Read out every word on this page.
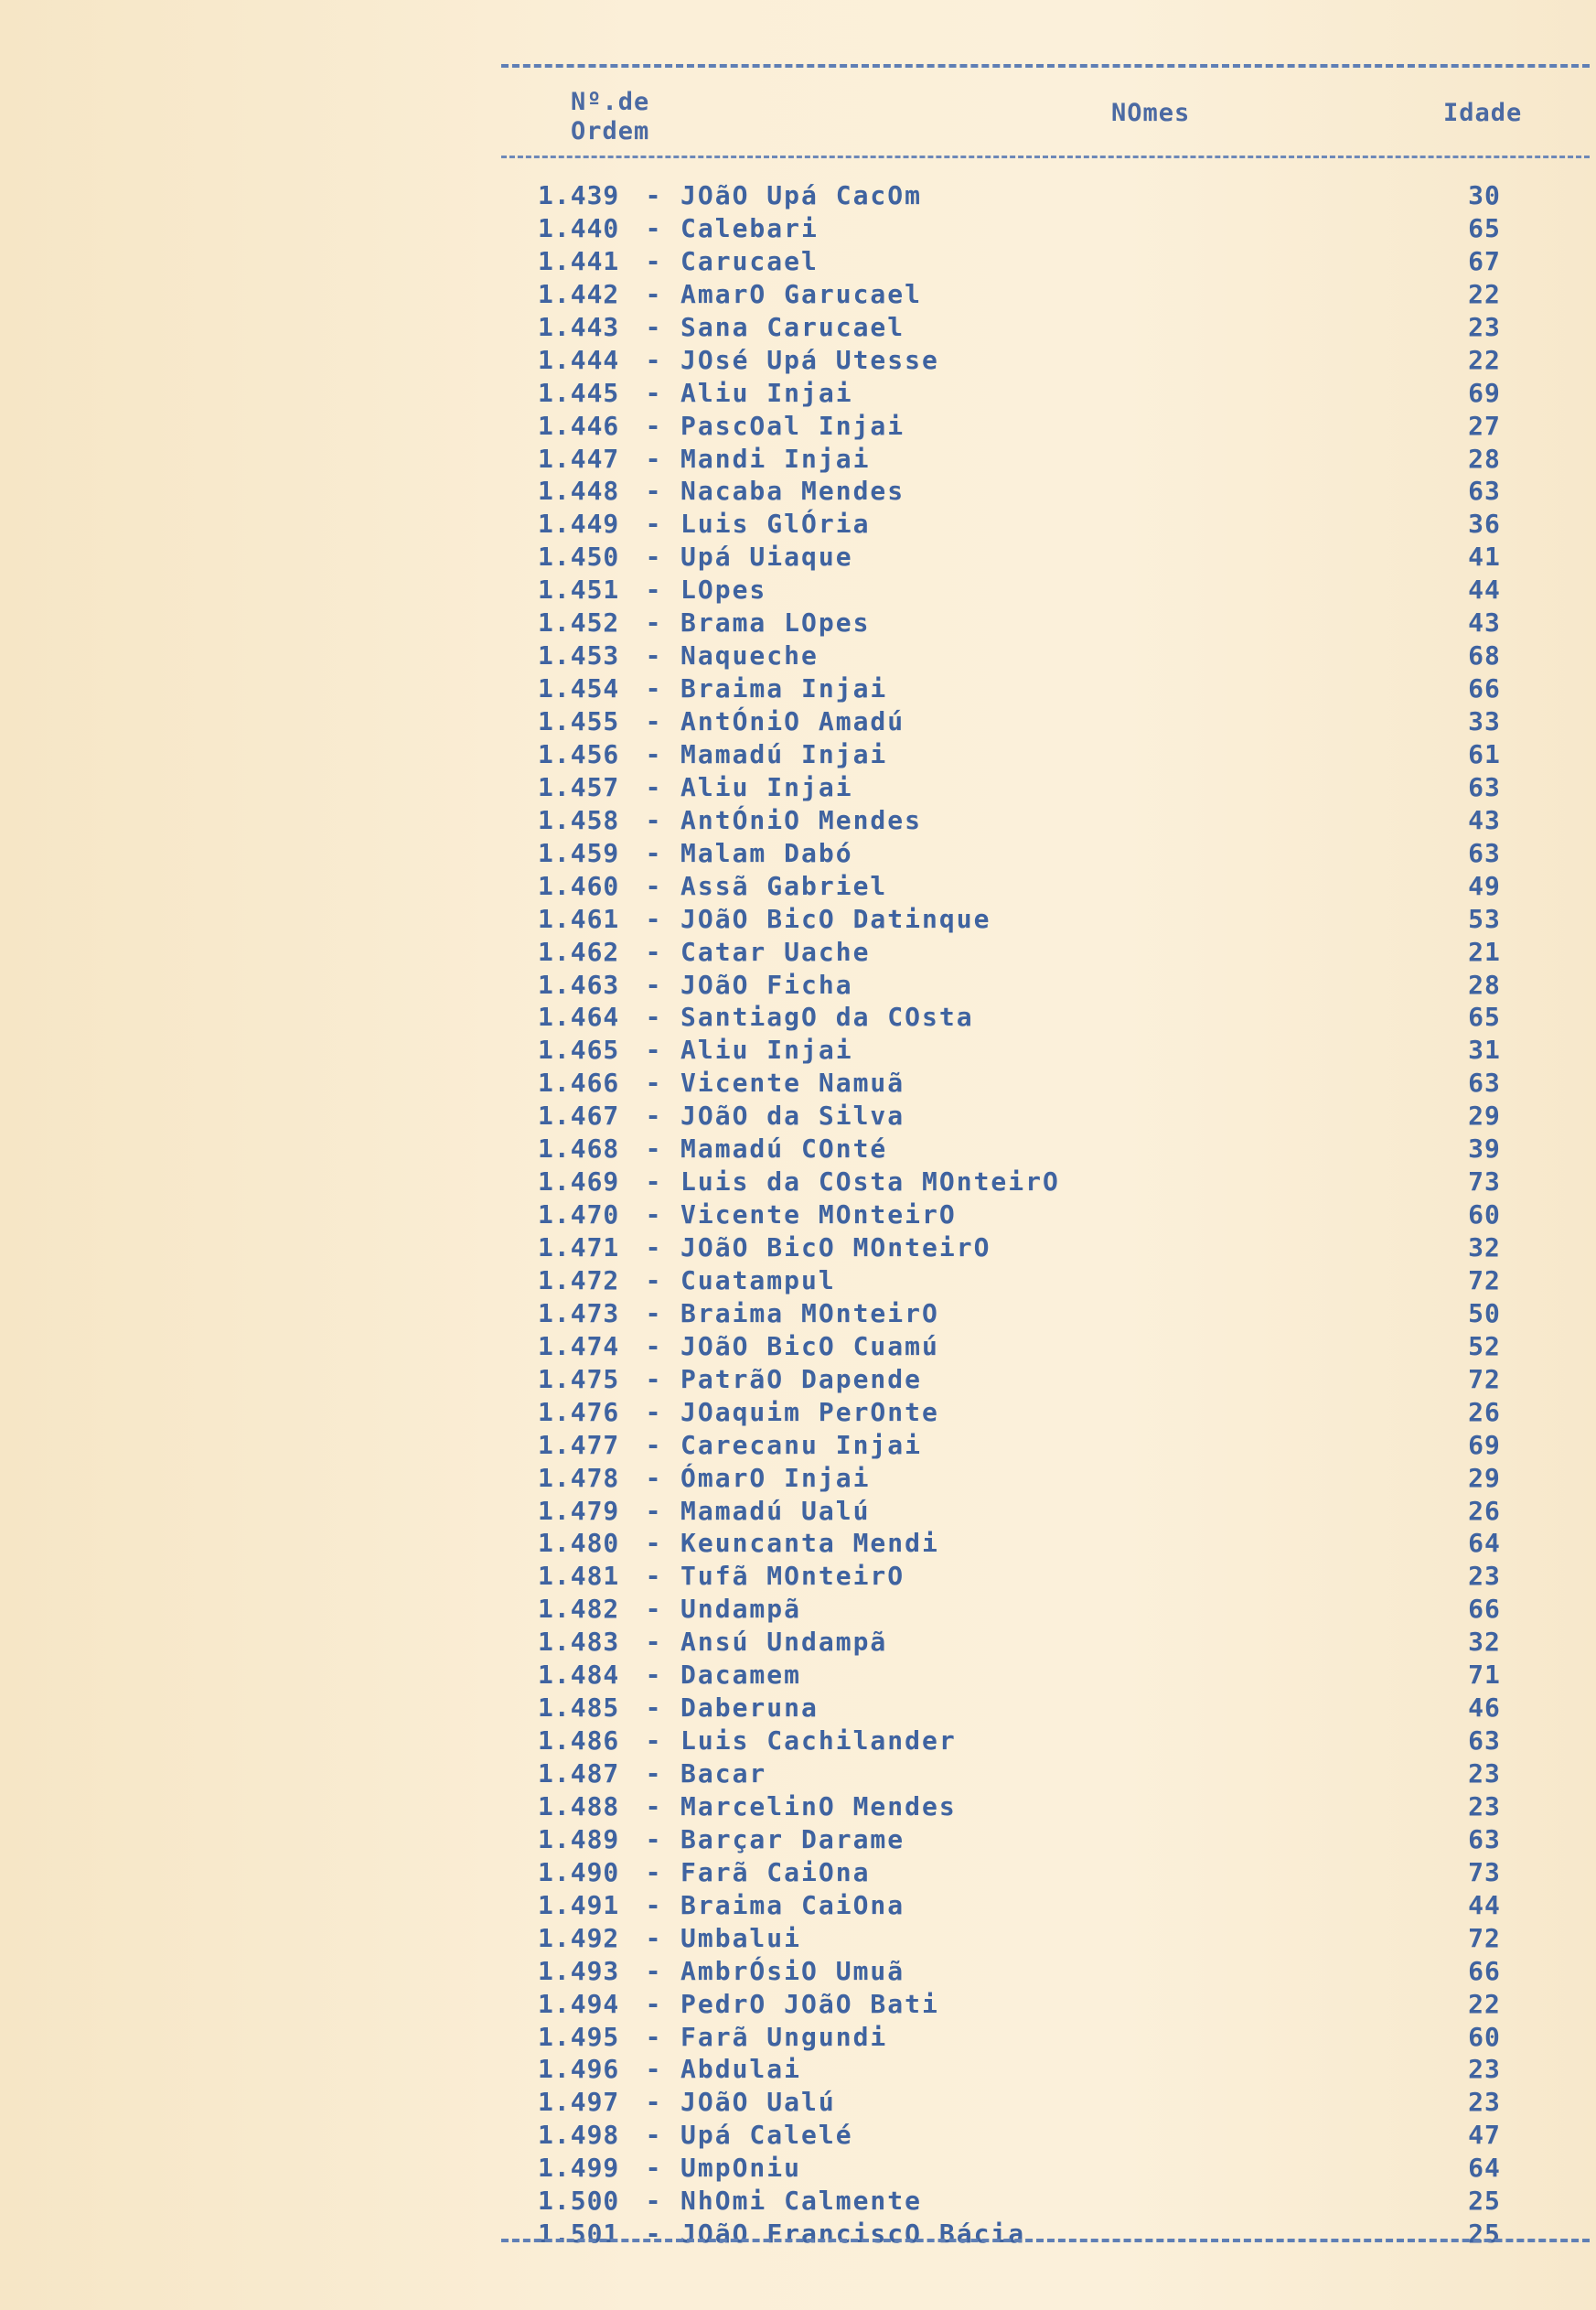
Nº.de
Ordem
NOmes	Idade
1.439	- JOãO Upá CacOm	30
1.440	- Calebari	65
1.441	- Carucael	67
1.442	- AmarO Garucael	22
1.443	- Sana Carucael	23
1.444	- JOsé Upá Utesse	22
1.445	- Aliu Injai	69
1.446	- PascOal Injai	27
1.447	- Mandi Injai	28
1.448	- Nacaba Mendes	63
1.449	- Luis GlÓria	36
1.450	- Upá Uiaque	41
1.451	- LOpes	44
1.452	- Brama LOpes	43
1.453	- Naqueche	68
1.454	- Braima Injai	66
1.455	- AntÓniO Amadú	33
1.456	- Mamadú Injai	61
1.457	- Aliu Injai	63
1.458	- AntÓniO Mendes	43
1.459	- Malam Dabó	63
1.460	- Assã Gabriel	49
1.461	- JOãO BicO Datinque	53
1.462	- Catar Uache	21
1.463	- JOãO Ficha	28
1.464	- SantiagO da COsta	65
1.465	- Aliu Injai	31
1.466	- Vicente Namuã	63
1.467	- JOãO da Silva	29
1.468	- Mamadú COnté	39
1.469	- Luis da COsta MOnteirO	73
1.470	- Vicente MOnteirO	60
1.471	- JOãO BicO MOnteirO	32
1.472	- Cuatampul	72
1.473	- Braima MOnteirO	50
1.474	- JOãO BicO Cuamú	52
1.475	- PatrãO Dapende	72
1.476	- JOaquim PerOnte	26
1.477	- Carecanu Injai	69
1.478	- ÓmarO Injai	29
1.479	- Mamadú Ualú	26
1.480	- Keuncanta Mendi	64
1.481	- Tufã MOnteirO	23
1.482	- Undampã	66
1.483	- Ansú Undampã	32
1.484	- Dacamem	71
1.485	- Daberuna	46
1.486	- Luis Cachilander	63
1.487	- Bacar	23
1.488	- MarcelinO Mendes	23
1.489	- Barçar Darame	63
1.490	- Farã CaiOna	73
1.491	- Braima CaiOna	44
1.492	- Umbalui	72
1.493	- AmbrÓsiO Umuã	66
1.494	- PedrO JOãO Bati	22
1.495	- Farã Ungundi	60
1.496	- Abdulai	23
1.497	- JOãO Ualú	23
1.498	- Upá Calelé	47
1.499	- UmpOniu	64
1.500	- NhOmi Calmente	25
1.501	- JOãO FranciscO Bácia	25
